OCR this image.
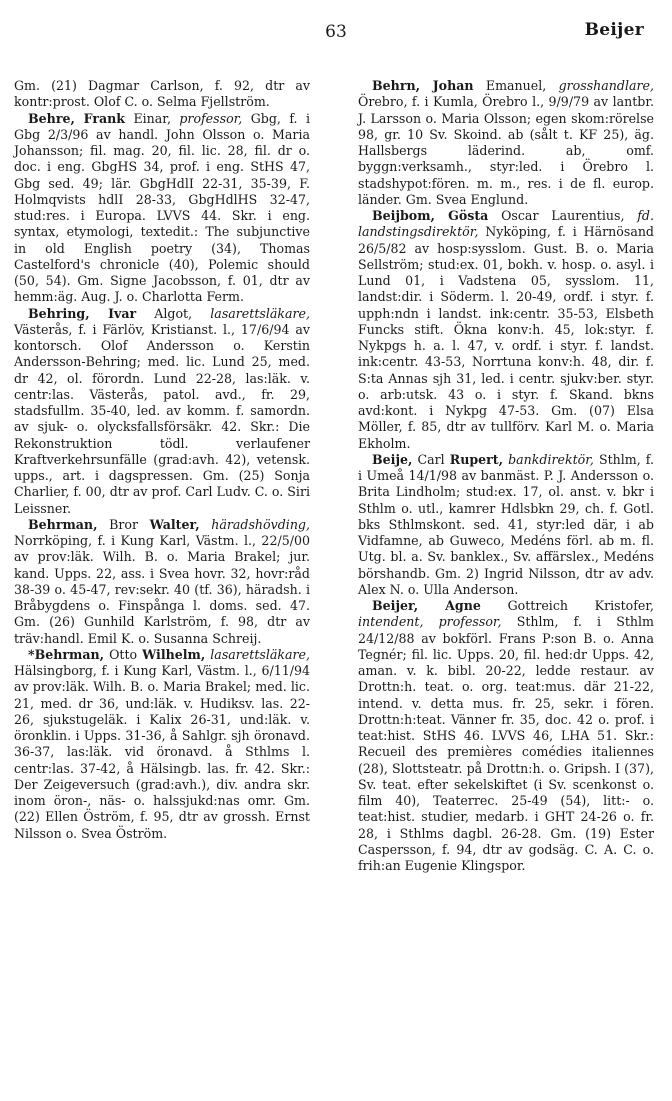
63	Beijer

Gm. (21) Dagmar Carlson, f. 92, dtr av kontr:prost. Olof C. o. Selma Fjellström.

Behre, Frank Einar, professor, Gbg, f. i Gbg 2/3/96 av handl. John Olsson o. Maria Johansson; fil. mag. 20, fil. lic. 28, fil. dr o. doc. i eng. GbgHS 34, prof. i eng. StHS 47, Gbg sed. 49; lär. GbgHdlI 22-31, 35-39, F. Holmqvists hdlI 28-33, GbgHdlHS 32-47, stud:res. i Europa. LVVS 44. Skr. i eng. syntax, etymologi, textedit.: The subjunctive in old English poetry (34), Thomas Castelford's chronicle (40), Polemic should (50, 54). Gm. Signe Jacobsson, f. 01, dtr av hemm:äg. Aug. J. o. Charlotta Ferm.

Behring, Ivar Algot, lasarettsläkare, Västerås, f. i Färlöv, Kristianst. l., 17/6/94 av kontorsch. Olof Andersson o. Kerstin Andersson-Behring; med. lic. Lund 25, med. dr 42, ol. förordn. Lund 22-28, las:läk. v. centr:las. Västerås, patol. avd., fr. 29, stadsfullm. 35-40, led. av komm. f. samordn. av sjuk- o. olycksfallsförsäkr. 42. Skr.: Die Rekonstruktion tödl. verlaufener Kraftverkehrsunfälle (grad:avh. 42), vetensk. upps., art. i dagspressen. Gm. (25) Sonja Charlier, f. 00, dtr av prof. Carl Ludv. C. o. Siri Leissner.

Behrman, Bror Walter, häradshövding, Norrköping, f. i Kung Karl, Västm. l., 22/5/00 av prov:läk. Wilh. B. o. Maria Brakel; jur. kand. Upps. 22, ass. i Svea hovr. 32, hovr:råd 38-39 o. 45-47, rev:sekr. 40 (tf. 36), häradsh. i Bråbygdens o. Finspånga l. doms. sed. 47. Gm. (26) Gunhild Karlström, f. 98, dtr av träv:handl. Emil K. o. Susanna Schreij.

*Behrman, Otto Wilhelm, lasarettsläkare, Hälsingborg, f. i Kung Karl, Västm. l., 6/11/94 av prov:läk. Wilh. B. o. Maria Brakel; med. lic. 21, med. dr 36, und:läk. v. Hudiksv. las. 22-26, sjukstugeläk. i Kalix 26-31, und:läk. v. öronklin. i Upps. 31-36, å Sahlgr. sjh öronavd. 36-37, las:läk. vid öronavd. å Sthlms l. centr:las. 37-42, å Hälsingb. las. fr. 42. Skr.: Der Zeigeversuch (grad:avh.), div. andra skr. inom öron-, näs- o. halssjukd:nas omr. Gm. (22) Ellen Öström, f. 95, dtr av grossh. Ernst Nilsson o. Svea Öström.

Behrn, Johan Emanuel, grosshandlare, Örebro, f. i Kumla, Örebro l., 9/9/79 av lantbr. J. Larsson o. Maria Olsson; egen skom:rörelse 98, gr. 10 Sv. Skoind. ab (sålt t. KF 25), äg. Hallsbergs läderind. ab, omf. byggn:verksamh., styr:led. i Örebro l. stadshypot:fören. m. m., res. i de fl. europ. länder. Gm. Svea Englund.

Beijbom, Gösta Oscar Laurentius, fd. landstingsdirektör, Nyköping, f. i Härnösand 26/5/82 av hosp:sysslom. Gust. B. o. Maria Sellström; stud:ex. 01, bokh. v. hosp. o. asyl. i Lund 01, i Vadstena 05, sysslom. 11, landst:dir. i Söderm. l. 20-49, ordf. i styr. f. upph:ndn i landst. ink:centr. 35-53, Elsbeth Funcks stift. Ökna konv:h. 45, lok:styr. f. Nykpgs h. a. l. 47, v. ordf. i styr. f. landst. ink:centr. 43-53, Norrtuna konv:h. 48, dir. f. S:ta Annas sjh 31, led. i centr. sjukv:ber. styr. o. arb:utsk. 43 o. i styr. f. Skand. bkns avd:kont. i Nykpg 47-53. Gm. (07) Elsa Möller, f. 85, dtr av tullförv. Karl M. o. Maria Ekholm.

Beije, Carl Rupert, bankdirektör, Sthlm, f. i Umeå 14/1/98 av banmäst. P. J. Andersson o. Brita Lindholm; stud:ex. 17, ol. anst. v. bkr i Sthlm o. utl., kamrer Hdlsbkn 29, ch. f. Gotl. bks Sthlmskont. sed. 41, styr:led där, i ab Vidfamne, ab Guweco, Medéns förl. ab m. fl. Utg. bl. a. Sv. banklex., Sv. affärslex., Medéns börshandb. Gm. 2) Ingrid Nilsson, dtr av adv. Alex N. o. Ulla Anderson.

Beijer, Agne Gottreich Kristofer, intendent, professor, Sthlm, f. i Sthlm 24/12/88 av bokförl. Frans P:son B. o. Anna Tegnér; fil. lic. Upps. 20, fil. hed:dr Upps. 42, aman. v. k. bibl. 20-22, ledde restaur. av Drottn:h. teat. o. org. teat:mus. där 21-22, intend. v. detta mus. fr. 25, sekr. i fören. Drottn:h:teat. Vänner fr. 35, doc. 42 o. prof. i teat:hist. StHS 46. LVVS 46, LHA 51. Skr.: Recueil des premières comédies italiennes (28), Slottsteatr. på Drottn:h. o. Gripsh. I (37), Sv. teat. efter sekelskiftet (i Sv. scenkonst o. film 40), Teaterrec. 25-49 (54), litt:- o. teat:hist. studier, medarb. i GHT 24-26 o. fr. 28, i Sthlms dagbl. 26-28. Gm. (19) Ester Caspersson, f. 94, dtr av godsäg. C. A. C. o. frih:an Eugenie Klingspor.
